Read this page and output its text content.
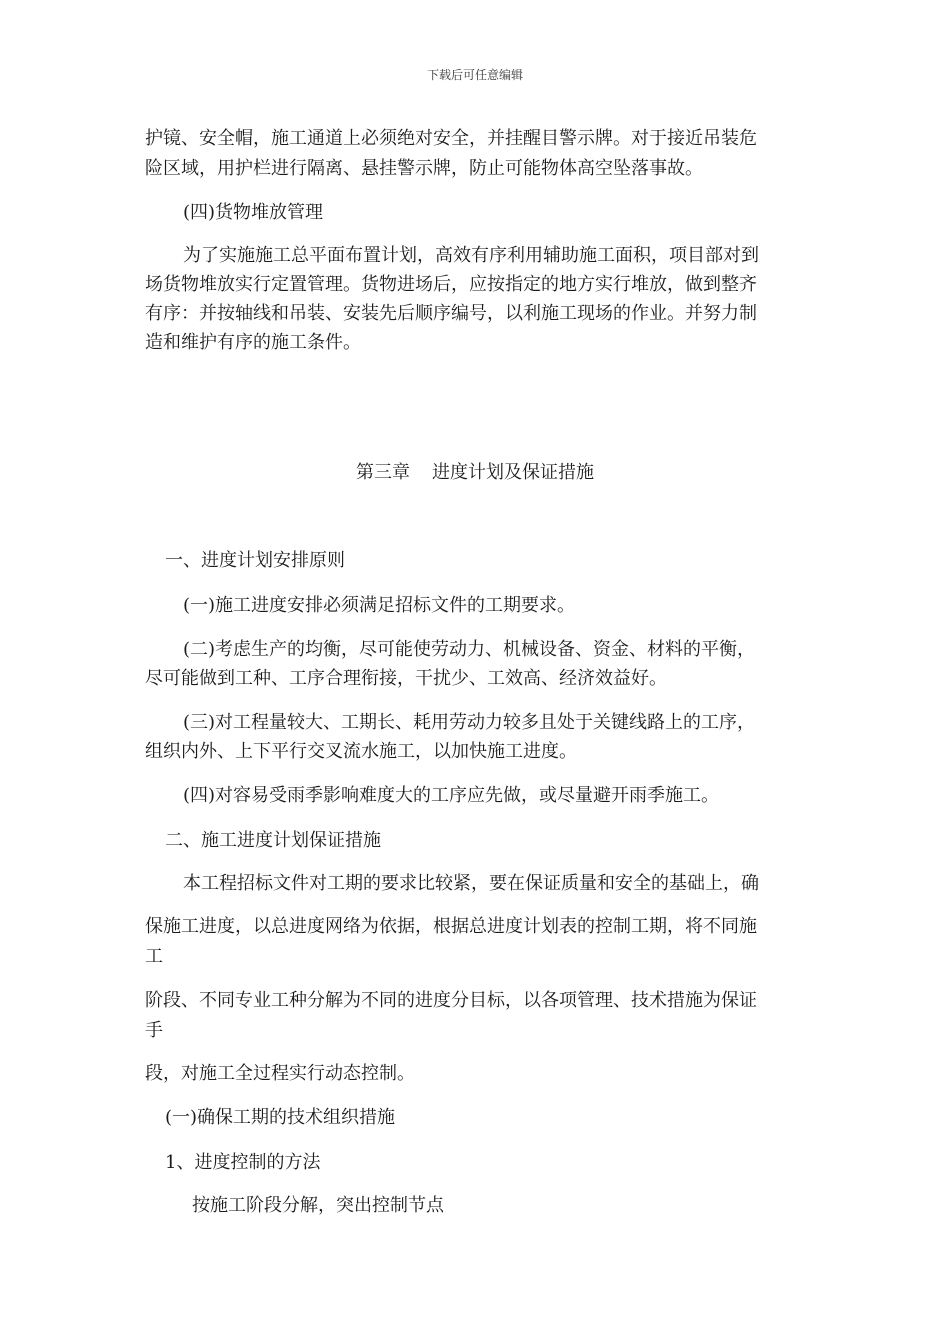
下载后可任意编辑
护镜、安全帽，施工通道上必须绝对安全，并挂醒目警示牌。对于接近吊装危
险区域，用护栏进行隔离、悬挂警示牌，防止可能物体高空坠落事故。
(四)货物堆放管理
为了实施施工总平面布置计划，高效有序利用辅助施工面积，项目部对到
场货物堆放实行定置管理。货物进场后，应按指定的地方实行堆放，做到整齐
有序：并按轴线和吊装、安装先后顺序编号，以利施工现场的作业。并努力制
造和维护有序的施工条件。
第三章 进度计划及保证措施
一、进度计划安排原则
(一)施工进度安排必须满足招标文件的工期要求。
(二)考虑生产的均衡，尽可能使劳动力、机械设备、资金、材料的平衡，
尽可能做到工种、工序合理衔接，干扰少、工效高、经济效益好。
(三)对工程量较大、工期长、耗用劳动力较多且处于关键线路上的工序，
组织内外、上下平行交叉流水施工，以加快施工进度。
(四)对容易受雨季影响难度大的工序应先做，或尽量避开雨季施工。
二、施工进度计划保证措施
本工程招标文件对工期的要求比较紧，要在保证质量和安全的基础上，确
保施工进度，以总进度网络为依据，根据总进度计划表的控制工期，将不同施
工
阶段、不同专业工种分解为不同的进度分目标，以各项管理、技术措施为保证
手
段，对施工全过程实行动态控制。
(一)确保工期的技术组织措施
1、进度控制的方法
按施工阶段分解，突出控制节点
